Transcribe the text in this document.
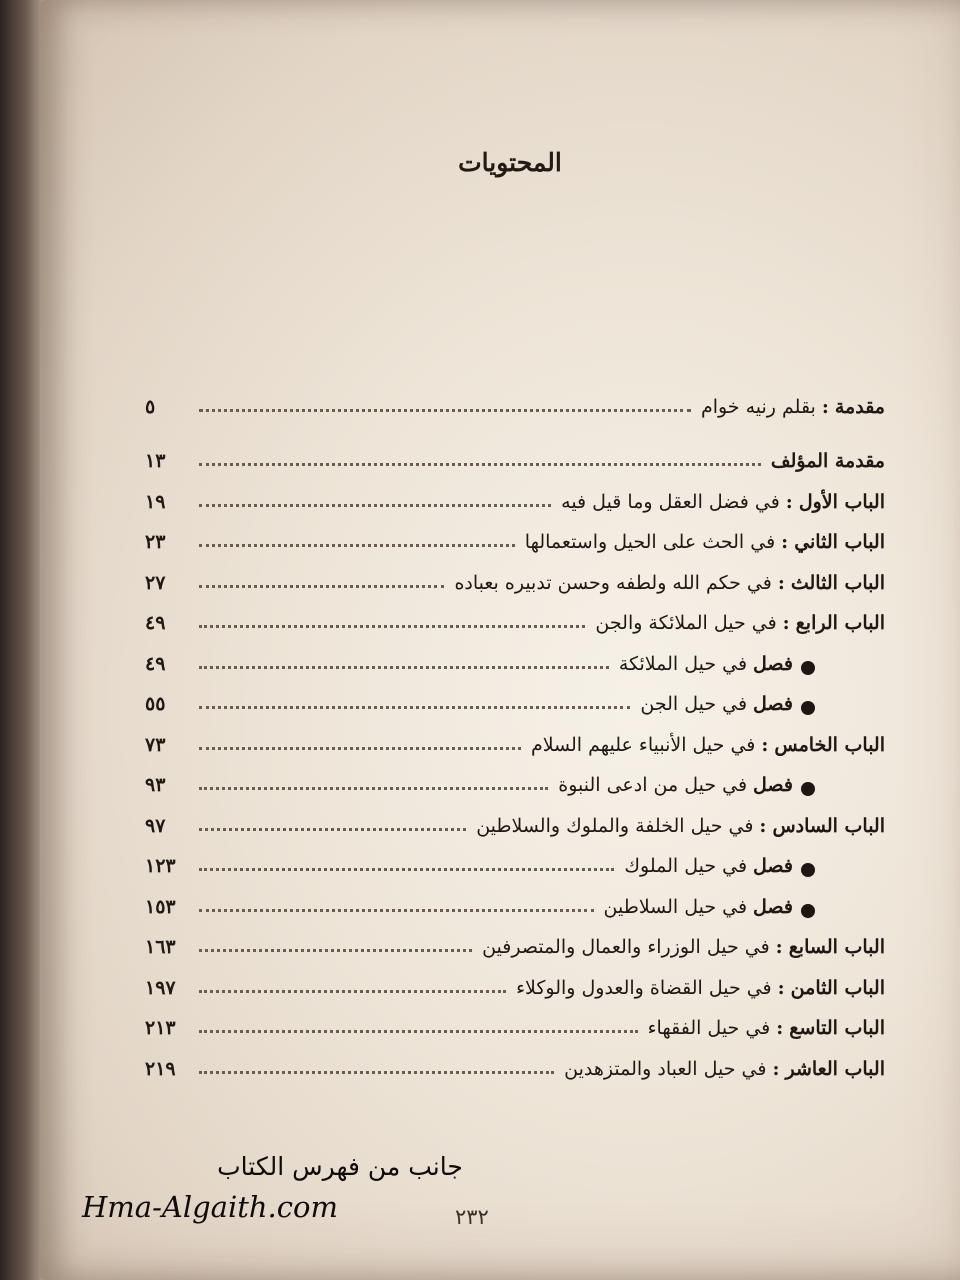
المحتويات
مقدمة:بقلم رنيه خوام
٥
مقدمة المؤلف
١٣
الباب الأول
:
في فضل العقل وما قيل فيه
١٩
الباب الثاني
:
في الحث على الحيل واستعمالها
٢٣
الباب الثالث
:
في حكم الله ولطفه وحسن تدبيره بعباده
٢٧
الباب الرابع
:
في حيل الملائكة والجن
٤٩
فصل
في حيل الملائكة
٤٩
فصل
في حيل الجن
٥٥
الباب الخامس
:
في حيل الأنبياء عليهم السلام
٧٣
فصل
في حيل من ادعى النبوة
٩٣
الباب السادس
:
في حيل الخلفة والملوك والسلاطين
٩٧
فصل
في حيل الملوك
١٢٣
فصل
في حيل السلاطين
١٥٣
الباب السابع
:
في حيل الوزراء والعمال والمتصرفين
١٦٣
الباب الثامن
:
في حيل القضاة والعدول والوكلاء
١٩٧
الباب التاسع
:
في حيل الفقهاء
٢١٣
الباب العاشر
:
في حيل العباد والمتزهدين
٢١٩
جانب من فهرس الكتاب
Hma-Algaith.com	٢٣٢
